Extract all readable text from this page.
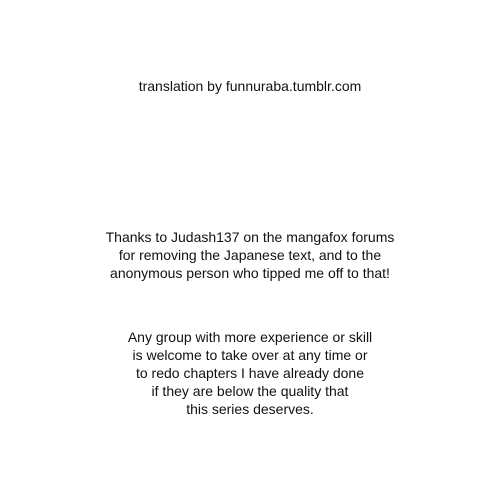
translation by funnuraba.tumblr.com
Thanks to Judash137 on the mangafox forums
for removing the Japanese text, and to the
anonymous person who tipped me off to that!
Any group with more experience or skill
is welcome to take over at any time or
to redo chapters I have already done
if they are below the quality that
this series deserves.
